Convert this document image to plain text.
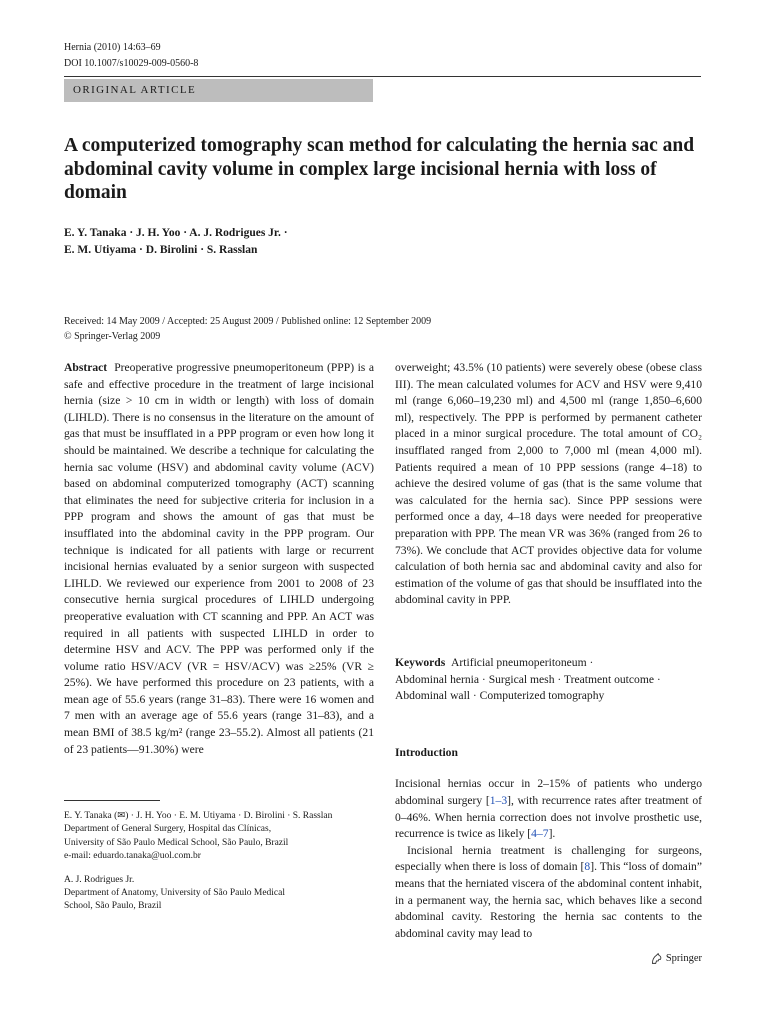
Hernia (2010) 14:63–69
DOI 10.1007/s10029-009-0560-8
ORIGINAL ARTICLE
A computerized tomography scan method for calculating the hernia sac and abdominal cavity volume in complex large incisional hernia with loss of domain
E. Y. Tanaka · J. H. Yoo · A. J. Rodrigues Jr. ·
E. M. Utiyama · D. Birolini · S. Rasslan
Received: 14 May 2009 / Accepted: 25 August 2009 / Published online: 12 September 2009
© Springer-Verlag 2009

Abstract Preoperative progressive pneumoperitoneum (PPP) is a safe and effective procedure in the treatment of large incisional hernia (size > 10 cm in width or length) with loss of domain (LIHLD). There is no consensus in the literature on the amount of gas that must be insufflated in a PPP program or even how long it should be maintained. We describe a technique for calculating the hernia sac volume (HSV) and abdominal cavity volume (ACV) based on abdominal computerized tomography (ACT) scanning that eliminates the need for subjective criteria for inclusion in a PPP program and shows the amount of gas that must be insufflated into the abdominal cavity in the PPP program. Our technique is indicated for all patients with large or recurrent incisional hernias evaluated by a senior surgeon with suspected LIHLD. We reviewed our experience from 2001 to 2008 of 23 consecutive hernia surgical procedures of LIHLD undergoing preoperative evaluation with CT scanning and PPP. An ACT was required in all patients with suspected LIHLD in order to determine HSV and ACV. The PPP was performed only if the volume ratio HSV/ACV (VR = HSV/ACV) was ≥25% (VR ≥ 25%). We have performed this procedure on 23 patients, with a mean age of 55.6 years (range 31–83). There were 16 women and 7 men with an average age of 55.6 years (range 31–83), and a mean BMI of 38.5 kg/m² (range 23–55.2). Almost all patients (21 of 23 patients—91.30%) were

overweight; 43.5% (10 patients) were severely obese (obese class III). The mean calculated volumes for ACV and HSV were 9,410 ml (range 6,060–19,230 ml) and 4,500 ml (range 1,850–6,600 ml), respectively. The PPP is performed by permanent catheter placed in a minor surgical procedure. The total amount of CO₂ insufflated ranged from 2,000 to 7,000 ml (mean 4,000 ml). Patients required a mean of 10 PPP sessions (range 4–18) to achieve the desired volume of gas (that is the same volume that was calculated for the hernia sac). Since PPP sessions were performed once a day, 4–18 days were needed for preoperative preparation with PPP. The mean VR was 36% (ranged from 26 to 73%). We conclude that ACT provides objective data for volume calculation of both hernia sac and abdominal cavity and also for estimation of the volume of gas that should be insufflated into the abdominal cavity in PPP.

Keywords Artificial pneumoperitoneum ·
Abdominal hernia · Surgical mesh · Treatment outcome ·
Abdominal wall · Computerized tomography

Introduction

Incisional hernias occur in 2–15% of patients who undergo abdominal surgery [1–3], with recurrence rates after treatment of 0–46%. When hernia correction does not involve prosthetic use, recurrence is twice as likely [4–7].

Incisional hernia treatment is challenging for surgeons, especially when there is loss of domain [8]. This “loss of domain” means that the herniated viscera of the abdominal content inhabit, in a permanent way, the hernia sac, which behaves like a second abdominal cavity. Restoring the hernia sac contents to the abdominal cavity may lead to

E. Y. Tanaka (✉) · J. H. Yoo · E. M. Utiyama · D. Birolini · S. Rasslan

Department of General Surgery, Hospital das Clínicas,

University of São Paulo Medical School, São Paulo, Brazil

e-mail: eduardo.tanaka@uol.com.br

A. J. Rodrigues Jr.

Department of Anatomy, University of São Paulo Medical

School, São Paulo, Brazil

Springer
